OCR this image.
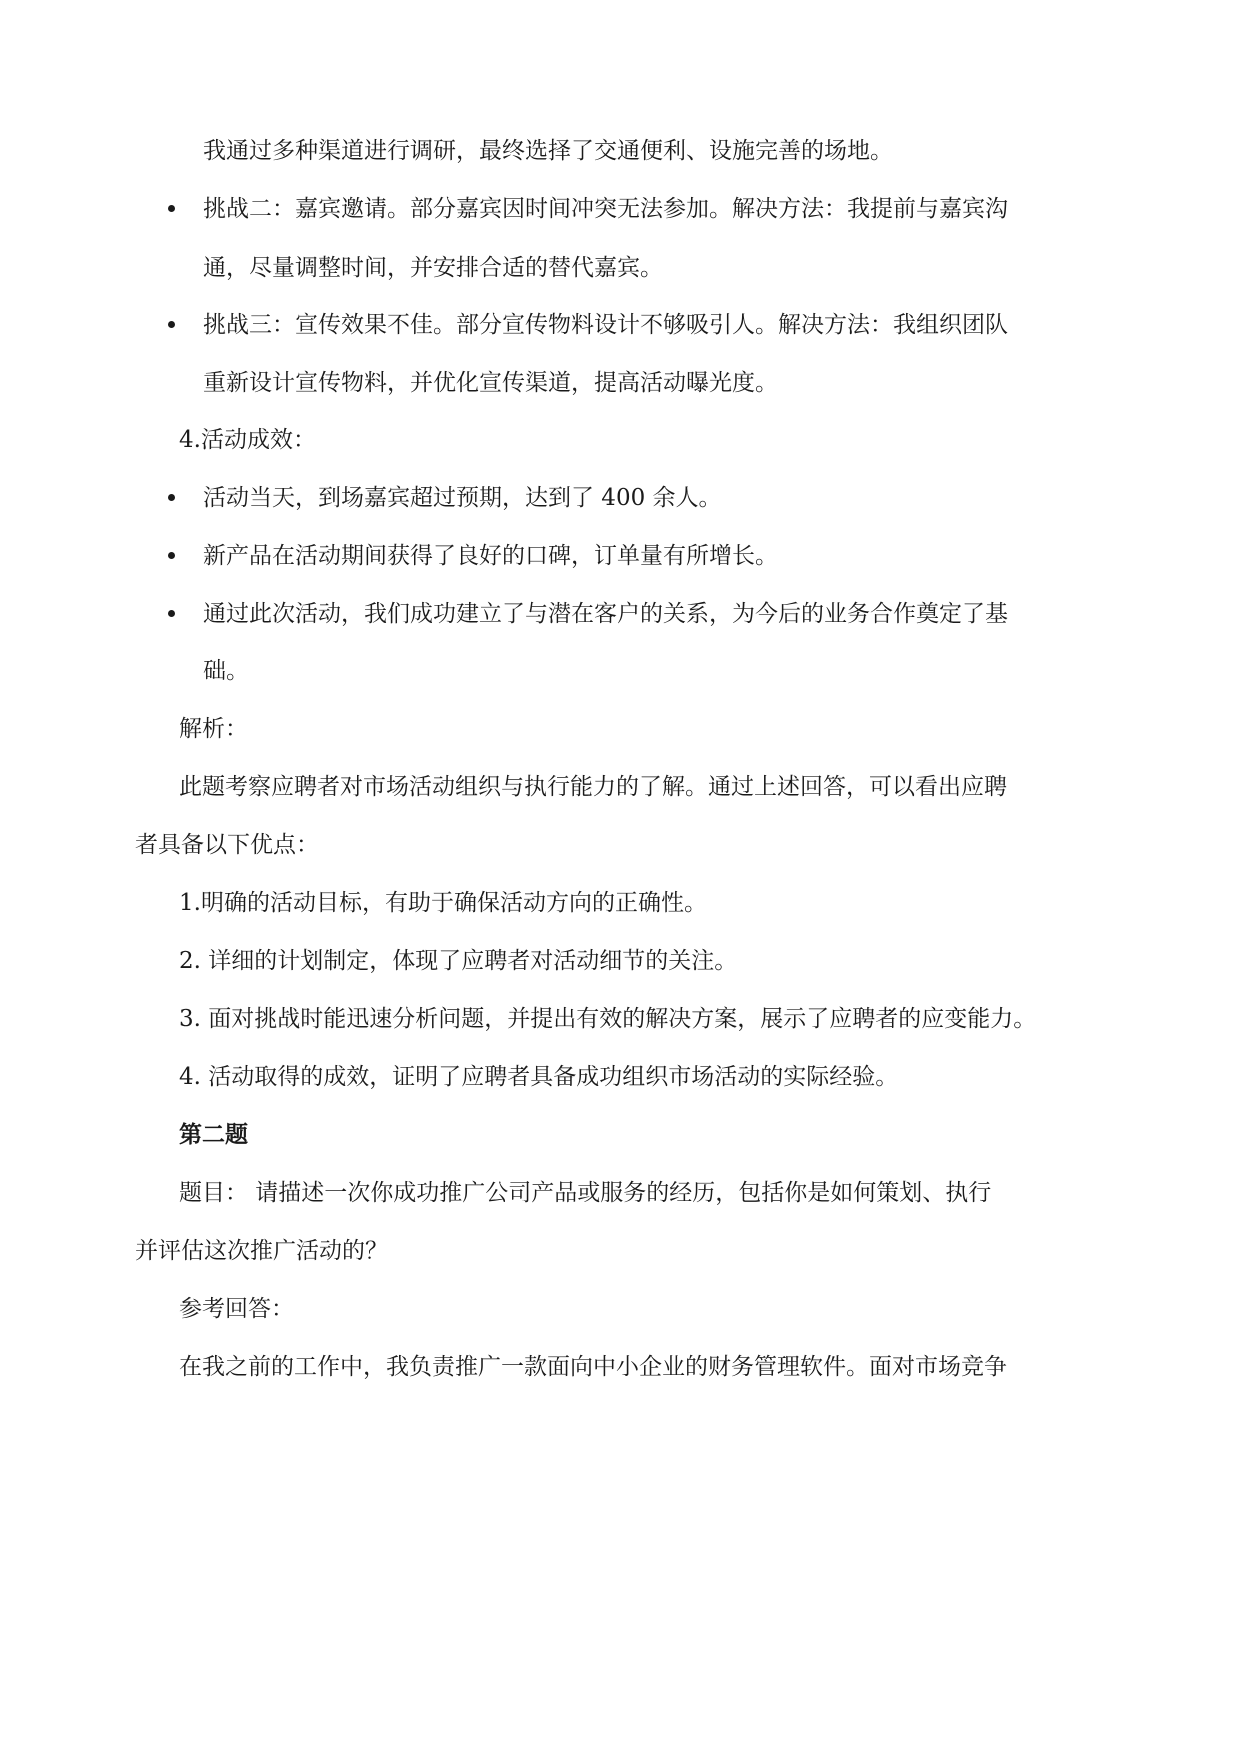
我通过多种渠道进行调研，最终选择了交通便利、设施完善的场地。
挑战二：嘉宾邀请。部分嘉宾因时间冲突无法参加。解决方法：我提前与嘉宾沟
通，尽量调整时间，并安排合适的替代嘉宾。
挑战三：宣传效果不佳。部分宣传物料设计不够吸引人。解决方法：我组织团队
重新设计宣传物料，并优化宣传渠道，提高活动曝光度。
4.活动成效：
活动当天，到场嘉宾超过预期，达到了 400 余人。
新产品在活动期间获得了良好的口碑，订单量有所增长。
通过此次活动，我们成功建立了与潜在客户的关系，为今后的业务合作奠定了基
础。
解析：
此题考察应聘者对市场活动组织与执行能力的了解。通过上述回答，可以看出应聘
者具备以下优点：
1.明确的活动目标，有助于确保活动方向的正确性。
2. 详细的计划制定，体现了应聘者对活动细节的关注。
3. 面对挑战时能迅速分析问题，并提出有效的解决方案，展示了应聘者的应变能力。
4. 活动取得的成效，证明了应聘者具备成功组织市场活动的实际经验。
第二题
题目： 请描述一次你成功推广公司产品或服务的经历，包括你是如何策划、执行
并评估这次推广活动的？
参考回答：
在我之前的工作中，我负责推广一款面向中小企业的财务管理软件。面对市场竞争
